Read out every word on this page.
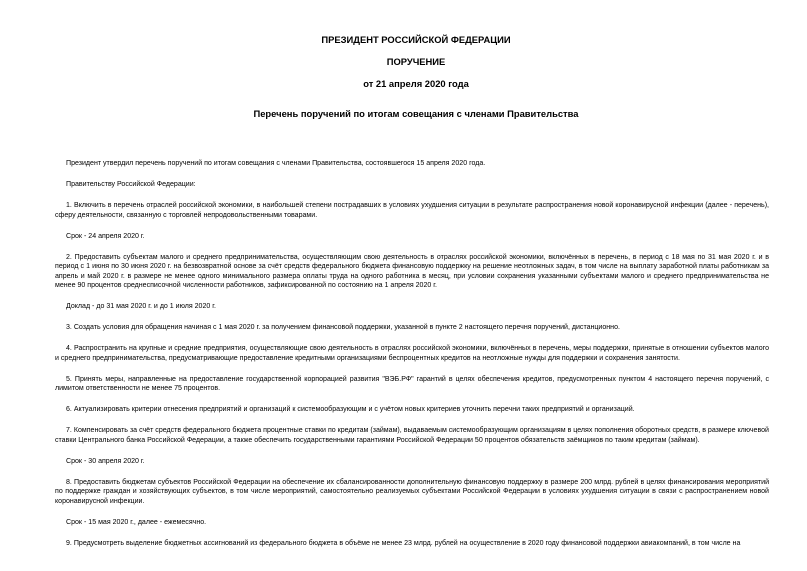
ПРЕЗИДЕНТ РОССИЙСКОЙ ФЕДЕРАЦИИ
ПОРУЧЕНИЕ
от 21 апреля 2020 года
Перечень поручений по итогам совещания с членами Правительства

Президент утвердил перечень поручений по итогам совещания с членами Правительства, состоявшегося 15 апреля 2020 года.

Правительству Российской Федерации:

1. Включить в перечень отраслей российской экономики, в наибольшей степени пострадавших в условиях ухудшения ситуации в результате распространения новой коронавирусной инфекции (далее - перечень), сферу деятельности, связанную с торговлей непродовольственными товарами.

Срок - 24 апреля 2020 г.

2. Предоставить субъектам малого и среднего предпринимательства, осуществляющим свою деятельность в отраслях российской экономики, включённых в перечень, в период с 18 мая по 31 мая 2020 г. и в период с 1 июня по 30 июня 2020 г. на безвозвратной основе за счёт средств федерального бюджета финансовую поддержку на решение неотложных задач, в том числе на выплату заработной платы работникам за апрель и май 2020 г. в размере не менее одного минимального размера оплаты труда на одного работника в месяц, при условии сохранения указанными субъектами малого и среднего предпринимательства не менее 90 процентов среднесписочной численности работников, зафиксированной по состоянию на 1 апреля 2020 г.

Доклад - до 31 мая 2020 г. и до 1 июля 2020 г.

3. Создать условия для обращения начиная с 1 мая 2020 г. за получением финансовой поддержки, указанной в пункте 2 настоящего перечня поручений, дистанционно.

4. Распространить на крупные и средние предприятия, осуществляющие свою деятельность в отраслях российской экономики, включённых в перечень, меры поддержки, принятые в отношении субъектов малого и среднего предпринимательства, предусматривающие предоставление кредитными организациями беспроцентных кредитов на неотложные нужды для поддержки и сохранения занятости.

5. Принять меры, направленные на предоставление государственной корпорацией развития "ВЭБ.РФ" гарантий в целях обеспечения кредитов, предусмотренных пунктом 4 настоящего перечня поручений, с лимитом ответственности не менее 75 процентов.

6. Актуализировать критерии отнесения предприятий и организаций к системообразующим и с учётом новых критериев уточнить перечни таких предприятий и организаций.

7. Компенсировать за счёт средств федерального бюджета процентные ставки по кредитам (займам), выдаваемым системообразующим организациям в целях пополнения оборотных средств, в размере ключевой ставки Центрального банка Российской Федерации, а также обеспечить государственными гарантиями Российской Федерации 50 процентов обязательств заёмщиков по таким кредитам (займам).

Срок - 30 апреля 2020 г.

8. Предоставить бюджетам субъектов Российской Федерации на обеспечение их сбалансированности дополнительную финансовую поддержку в размере 200 млрд. рублей в целях финансирования мероприятий по поддержке граждан и хозяйствующих субъектов, в том числе мероприятий, самостоятельно реализуемых субъектами Российской Федерации в условиях ухудшения ситуации в связи с распространением новой коронавирусной инфекции.

Срок - 15 мая 2020 г., далее - ежемесячно.

9. Предусмотреть выделение бюджетных ассигнований из федерального бюджета в объёме не менее 23 млрд. рублей на осуществление в 2020 году финансовой поддержки авиакомпаний, в том числе на
